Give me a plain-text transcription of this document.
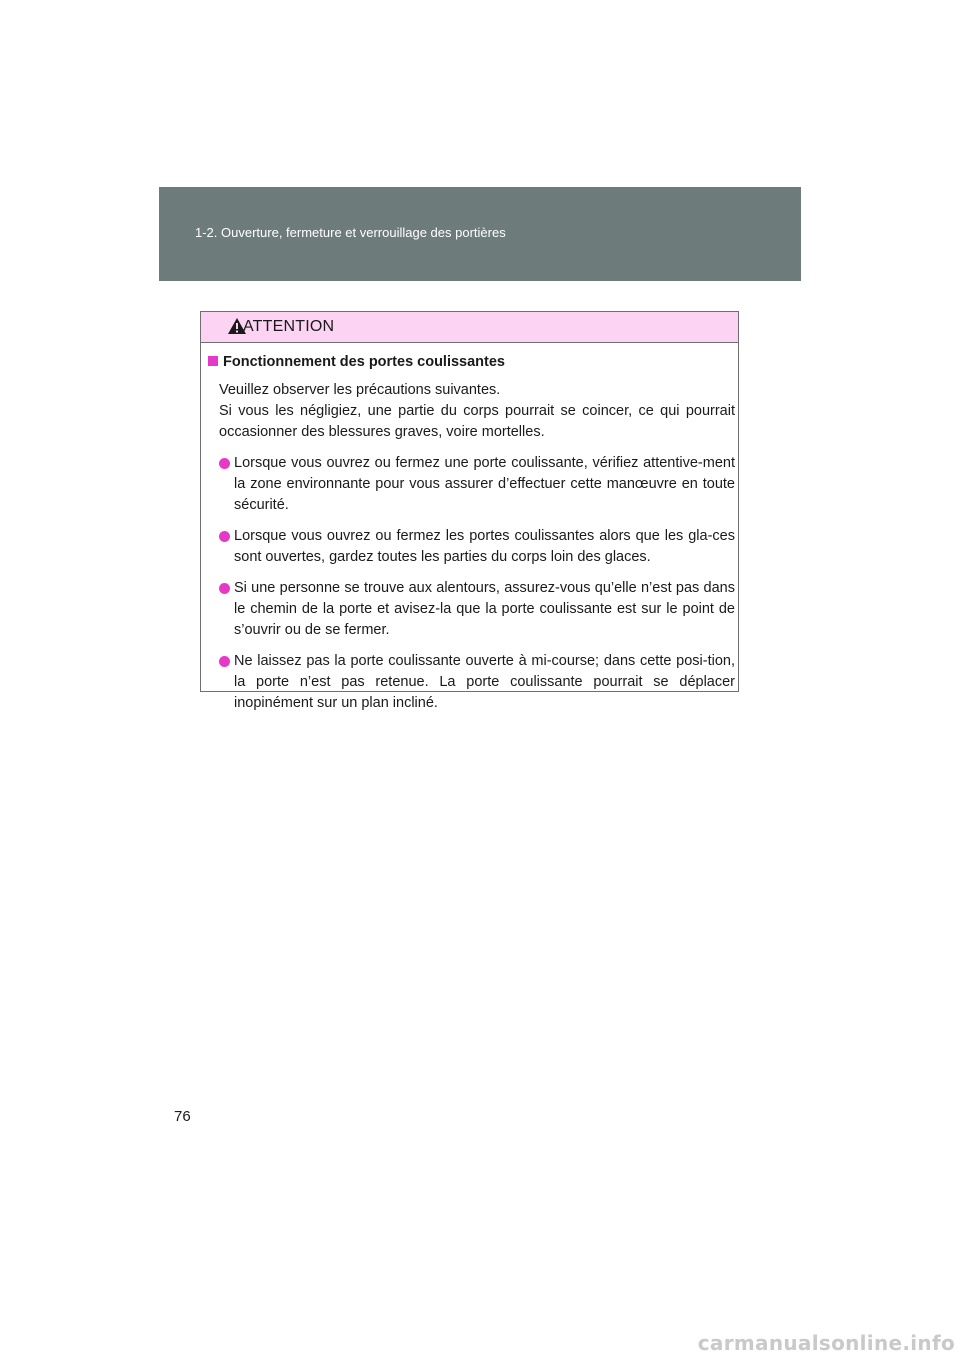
1-2. Ouverture, fermeture et verrouillage des portières
ATTENTION
Fonctionnement des portes coulissantes

Veuillez observer les précautions suivantes.

Si vous les négligiez, une partie du corps pourrait se coincer, ce qui pourrait occasionner des blessures graves, voire mortelles.

Lorsque vous ouvrez ou fermez une porte coulissante, vérifiez attentive-ment la zone environnante pour vous assurer d’effectuer cette manœuvre en toute sécurité.
Lorsque vous ouvrez ou fermez les portes coulissantes alors que les gla-ces sont ouvertes, gardez toutes les parties du corps loin des glaces.
Si une personne se trouve aux alentours, assurez-vous qu’elle n’est pas dans le chemin de la porte et avisez-la que la porte coulissante est sur le point de s’ouvrir ou de se fermer.
Ne laissez pas la porte coulissante ouverte à mi-course; dans cette posi-tion, la porte n’est pas retenue. La porte coulissante pourrait se déplacer inopinément sur un plan incliné.
76
carmanualsonline.info
